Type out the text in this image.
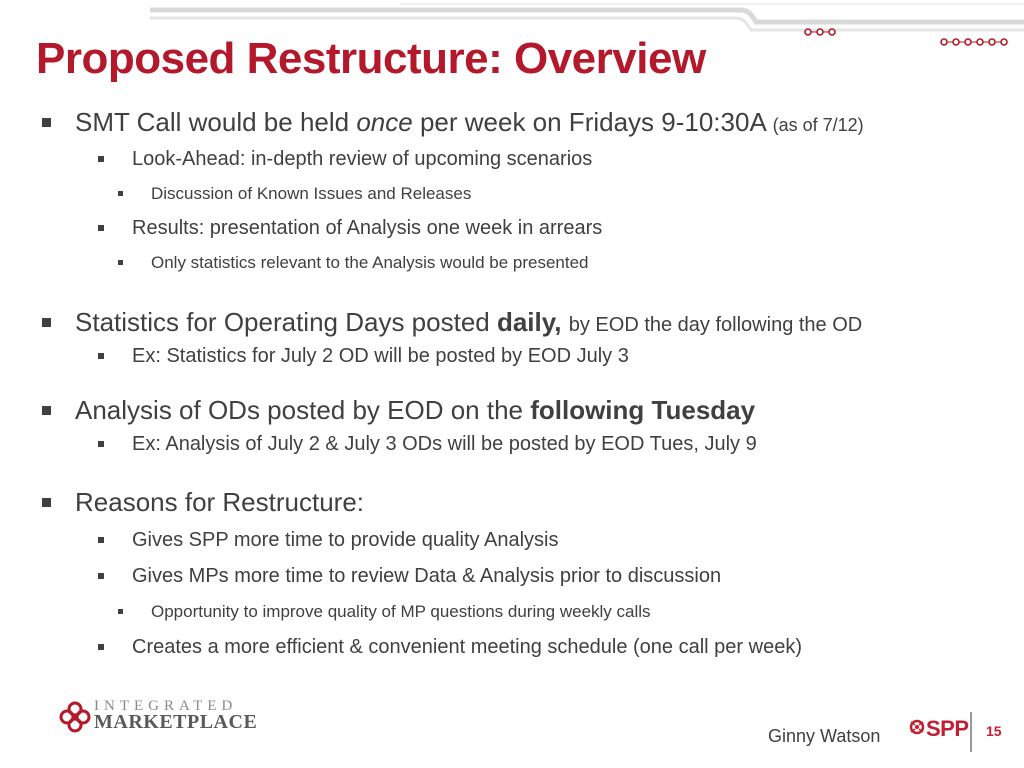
Proposed Restructure: Overview
SMT Call would be held once per week on Fridays 9-10:30A (as of 7/12)
Look-Ahead: in-depth review of upcoming scenarios
Discussion of Known Issues and Releases
Results: presentation of Analysis one week in arrears
Only statistics relevant to the Analysis would be presented
Statistics for Operating Days posted daily, by EOD the day following the OD
Ex: Statistics for July 2 OD will be posted by EOD July 3
Analysis of ODs posted by EOD on the following Tuesday
Ex: Analysis of July 2 & July 3 ODs will be posted by EOD Tues, July 9
Reasons for Restructure:
Gives SPP more time to provide quality Analysis
Gives MPs more time to review Data & Analysis prior to discussion
Opportunity to improve quality of MP questions during weekly calls
Creates a more efficient & convenient meeting schedule (one call per week)
INTEGRATED
MARKETPLACE
Ginny Watson SPP 15
